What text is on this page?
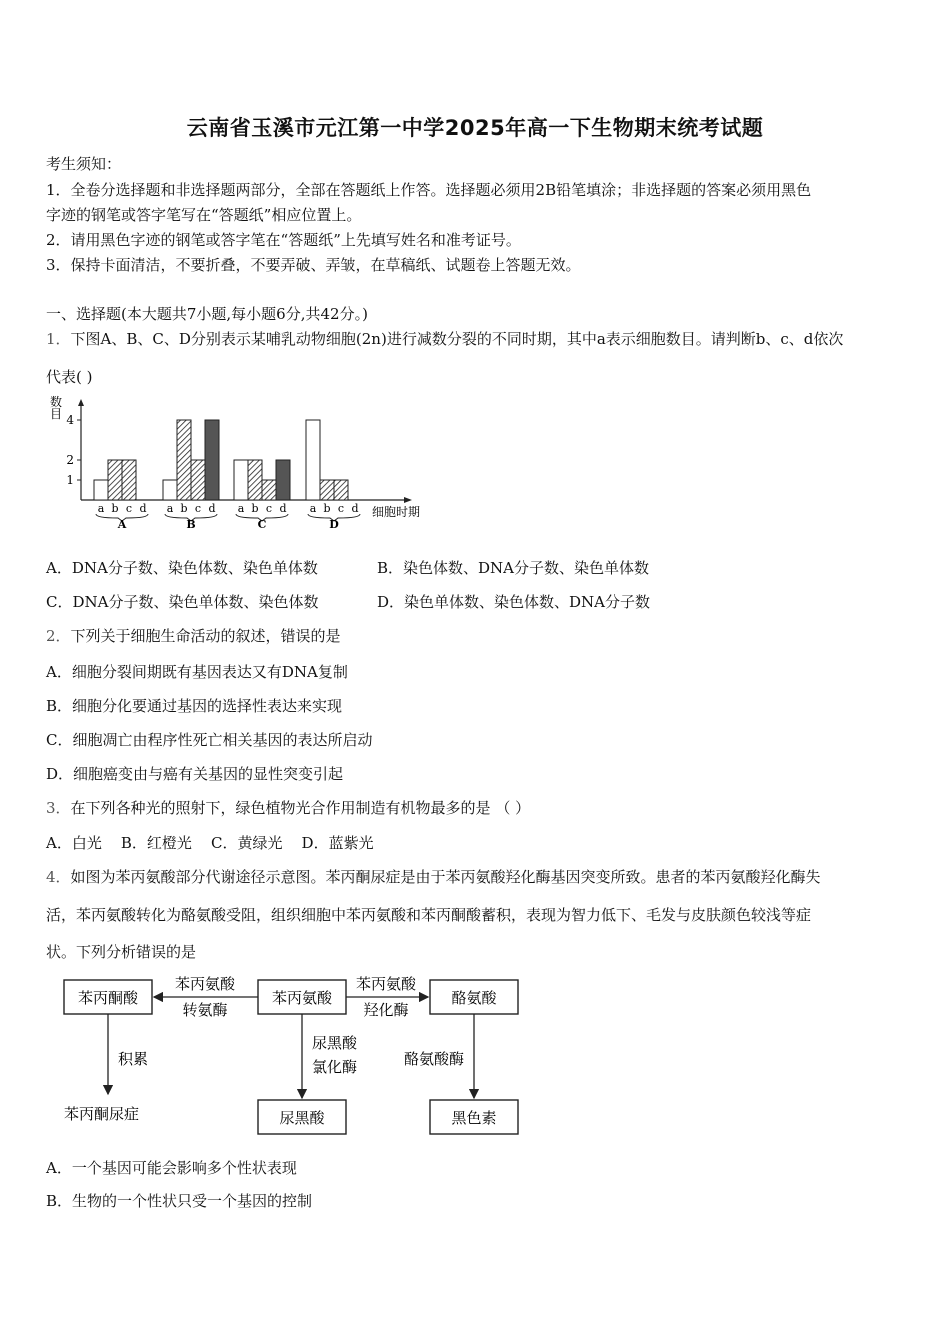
云南省玉溪市元江第一中学2025年高一下生物期末统考试题
考生须知：
1．全卷分选择题和非选择题两部分，全部在答题纸上作答。选择题必须用2B铅笔填涂；非选择题的答案必须用黑色
字迹的钢笔或答字笔写在“答题纸”相应位置上。
2．请用黑色字迹的钢笔或答字笔在“答题纸”上先填写姓名和准考证号。
3．保持卡面清洁，不要折叠，不要弄破、弄皱，在草稿纸、试题卷上答题无效。
一、选择题(本大题共7小题,每小题6分,共42分。)
1．下图A、B、C、D分别表示某哺乳动物细胞(2n)进行减数分裂的不同时期，其中a表示细胞数目。请判断b、c、d依次
代表( )
数
目
1
2
4
a b c d a b c d a b c d a b c d
A	B	C	D
细胞时期
A．DNA分子数、染色体数、染色单体数	B．染色体数、DNA分子数、染色单体数
C．DNA分子数、染色单体数、染色体数	D．染色单体数、染色体数、DNA分子数
2．下列关于细胞生命活动的叙述，错误的是
A．细胞分裂间期既有基因表达又有DNA复制
B．细胞分化要通过基因的选择性表达来实现
C．细胞凋亡由程序性死亡相关基因的表达所启动
D．细胞癌变由与癌有关基因的显性突变引起
3．在下列各种光的照射下，绿色植物光合作用制造有机物最多的是 （ ）
A．白光    B．红橙光    C．黄绿光    D．蓝紫光
4．如图为苯丙氨酸部分代谢途径示意图。苯丙酮尿症是由于苯丙氨酸羟化酶基因突变所致。患者的苯丙氨酸羟化酶失
活，苯丙氨酸转化为酪氨酸受阻，组织细胞中苯丙氨酸和苯丙酮酸蓄积，表现为智力低下、毛发与皮肤颜色较浅等症
状。下列分析错误的是
苯丙酮酸	苯丙氨酸	酪氨酸
尿黑酸	黑色素
苯丙氨酸
转氨酶
苯丙氨酸
羟化酶
积累
苯丙酮尿症
尿黑酸
氯化酶	酪氨酸酶
A．一个基因可能会影响多个性状表现
B．生物的一个性状只受一个基因的控制
